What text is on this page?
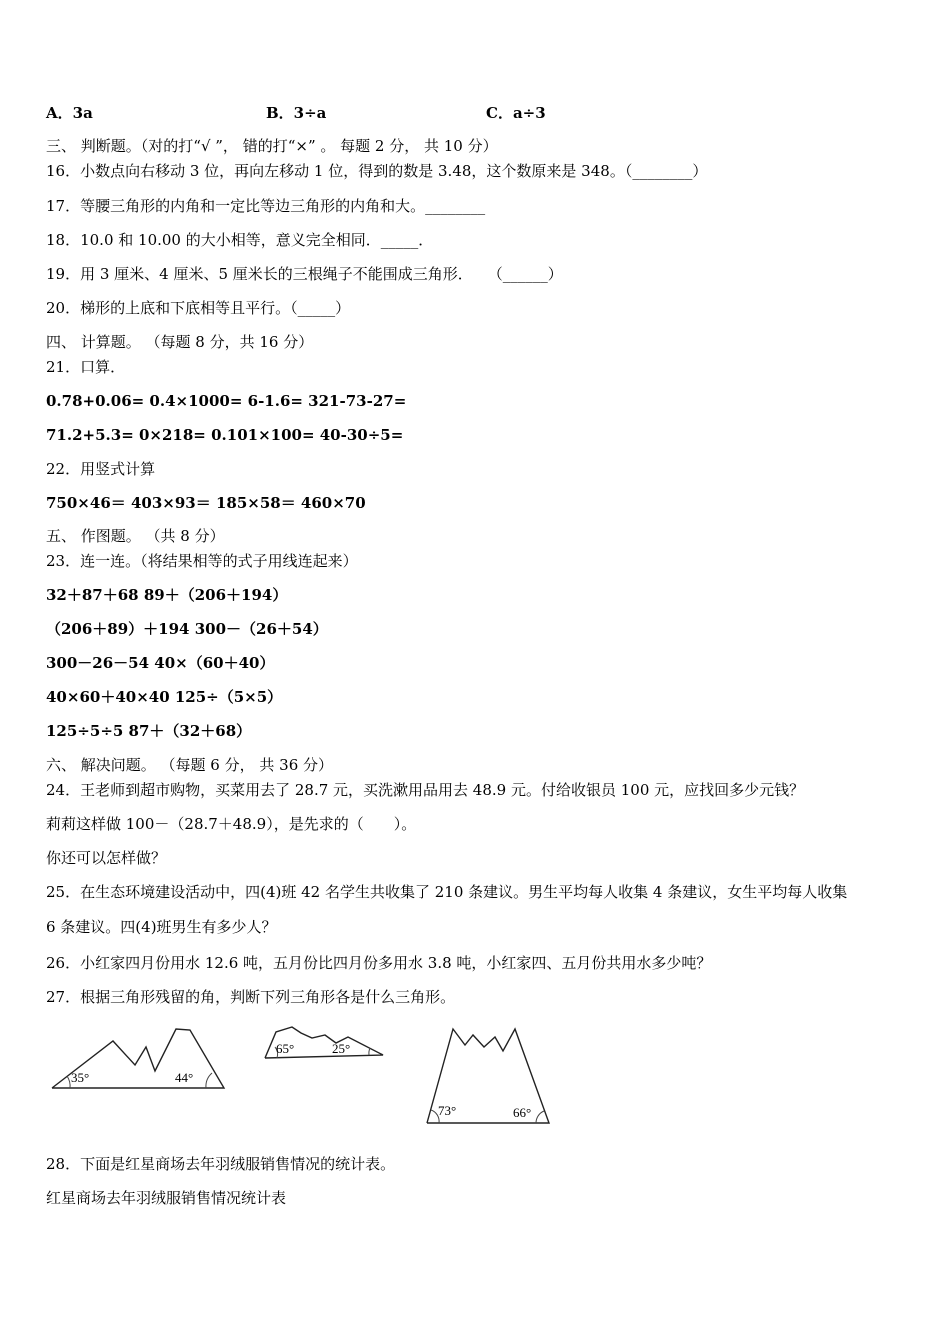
A．3a	B．3÷a	C．a÷3
三、 判断题。（对的打“√ ”， 错的打“×” 。 每题 2 分， 共 10 分）
16．小数点向右移动 3 位，再向左移动 1 位，得到的数是 3.48，这个数原来是 348。（________）
17．等腰三角形的内角和一定比等边三角形的内角和大。________
18．10.0 和 10.00 的大小相等，意义完全相同．_____．
19．用 3 厘米、4 厘米、5 厘米长的三根绳子不能围成三角形．　　（______）
20．梯形的上底和下底相等且平行。（_____）
四、 计算题。 （每题 8 分，共 16 分）
21．口算．
0.78+0.06= 0.4×1000= 6-1.6= 321-73-27=
71.2+5.3= 0×218= 0.101×100= 40-30÷5=
22．用竖式计算
750×46＝ 403×93＝ 185×58＝ 460×70
五、 作图题。 （共 8 分）
23．连一连。（将结果相等的式子用线连起来）
32＋87＋68 89＋（206＋194）
（206＋89）＋194 300－（26＋54）
300－26－54 40×（60＋40）
40×60＋40×40 125÷（5×5）
125÷5÷5 87＋（32＋68）
六、 解决问题。 （每题 6 分， 共 36 分）
24．王老师到超市购物，买菜用去了 28.7 元，买洗漱用品用去 48.9 元。付给收银员 100 元，应找回多少元钱？
莉莉这样做 100－（28.7＋48.9），是先求的（　　）。
你还可以怎样做？
25．在生态环境建设活动中，四(4)班 42 名学生共收集了 210 条建议。男生平均每人收集 4 条建议，女生平均每人收集
6 条建议。四(4)班男生有多少人？
26．小红家四月份用水 12.6 吨，五月份比四月份多用水 3.8 吨，小红家四、五月份共用水多少吨？
27．根据三角形残留的角，判断下列三角形各是什么三角形。
35°	44°
65°	25°
73°	66°
28．下面是红星商场去年羽绒服销售情况的统计表。
红星商场去年羽绒服销售情况统计表
